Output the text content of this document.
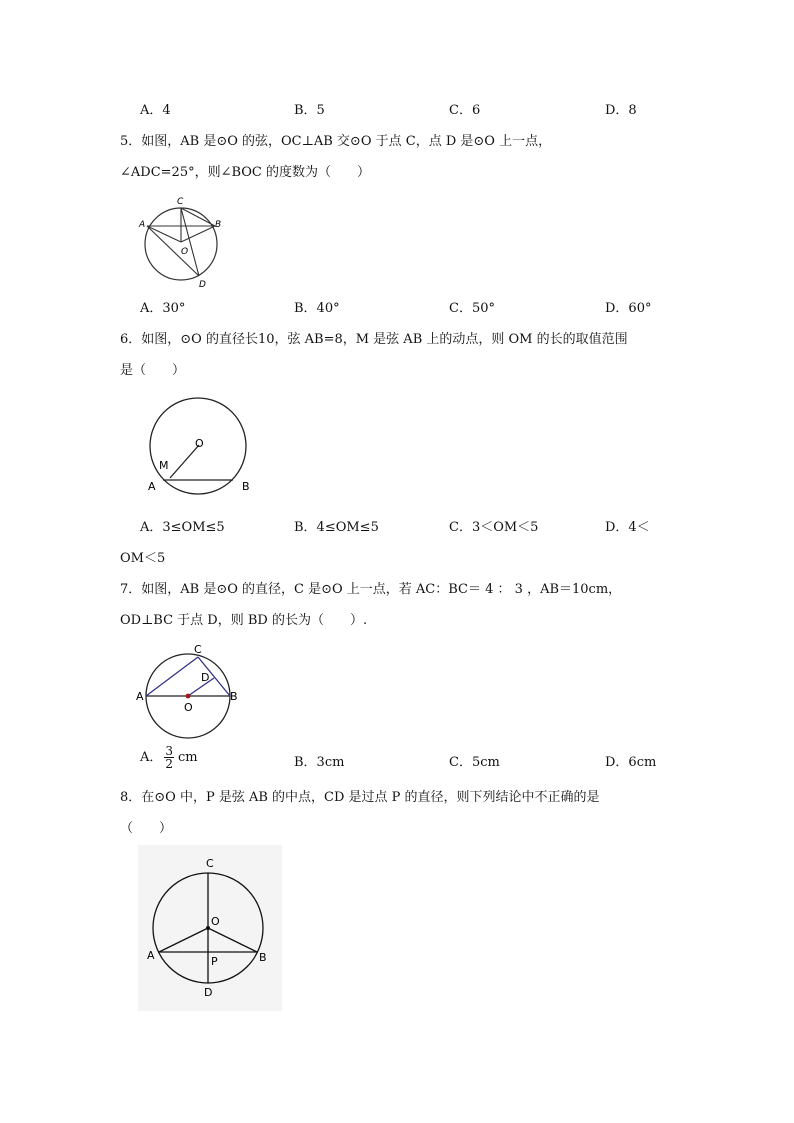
A．4	B．5	C．6	D．8
5．如图，AB 是⊙O 的弦，OC⊥AB 交⊙O 于点 C，点 D 是⊙O 上一点，
∠ADC=25°，则∠BOC 的度数为（　　）
A	B
C
O
D
A．30°	B．40°	C．50°	D．60°
6．如图，⊙O 的直径长10，弦 AB=8，M 是弦 AB 上的动点，则 OM 的长的取值范围
是（　　）
O
M
A	B
A．3≤OM≤5	B．4≤OM≤5	C．3＜OM＜5	D．4＜
OM＜5
7．如图，AB 是⊙O 的直径，C 是⊙O 上一点，若 AC：BC＝ 4 ： 3 ，AB＝10cm，
OD⊥BC 于点 D，则 BD 的长为（　　）.
C
D
A
O
B
A． $\frac{3}{2}$ cm	B．3cm	C．5cm	D．6cm
8．在⊙O 中，P 是弦 AB 的中点，CD 是过点 P 的直径，则下列结论中不正确的是
（　　）
C
O
A	B
P
D
